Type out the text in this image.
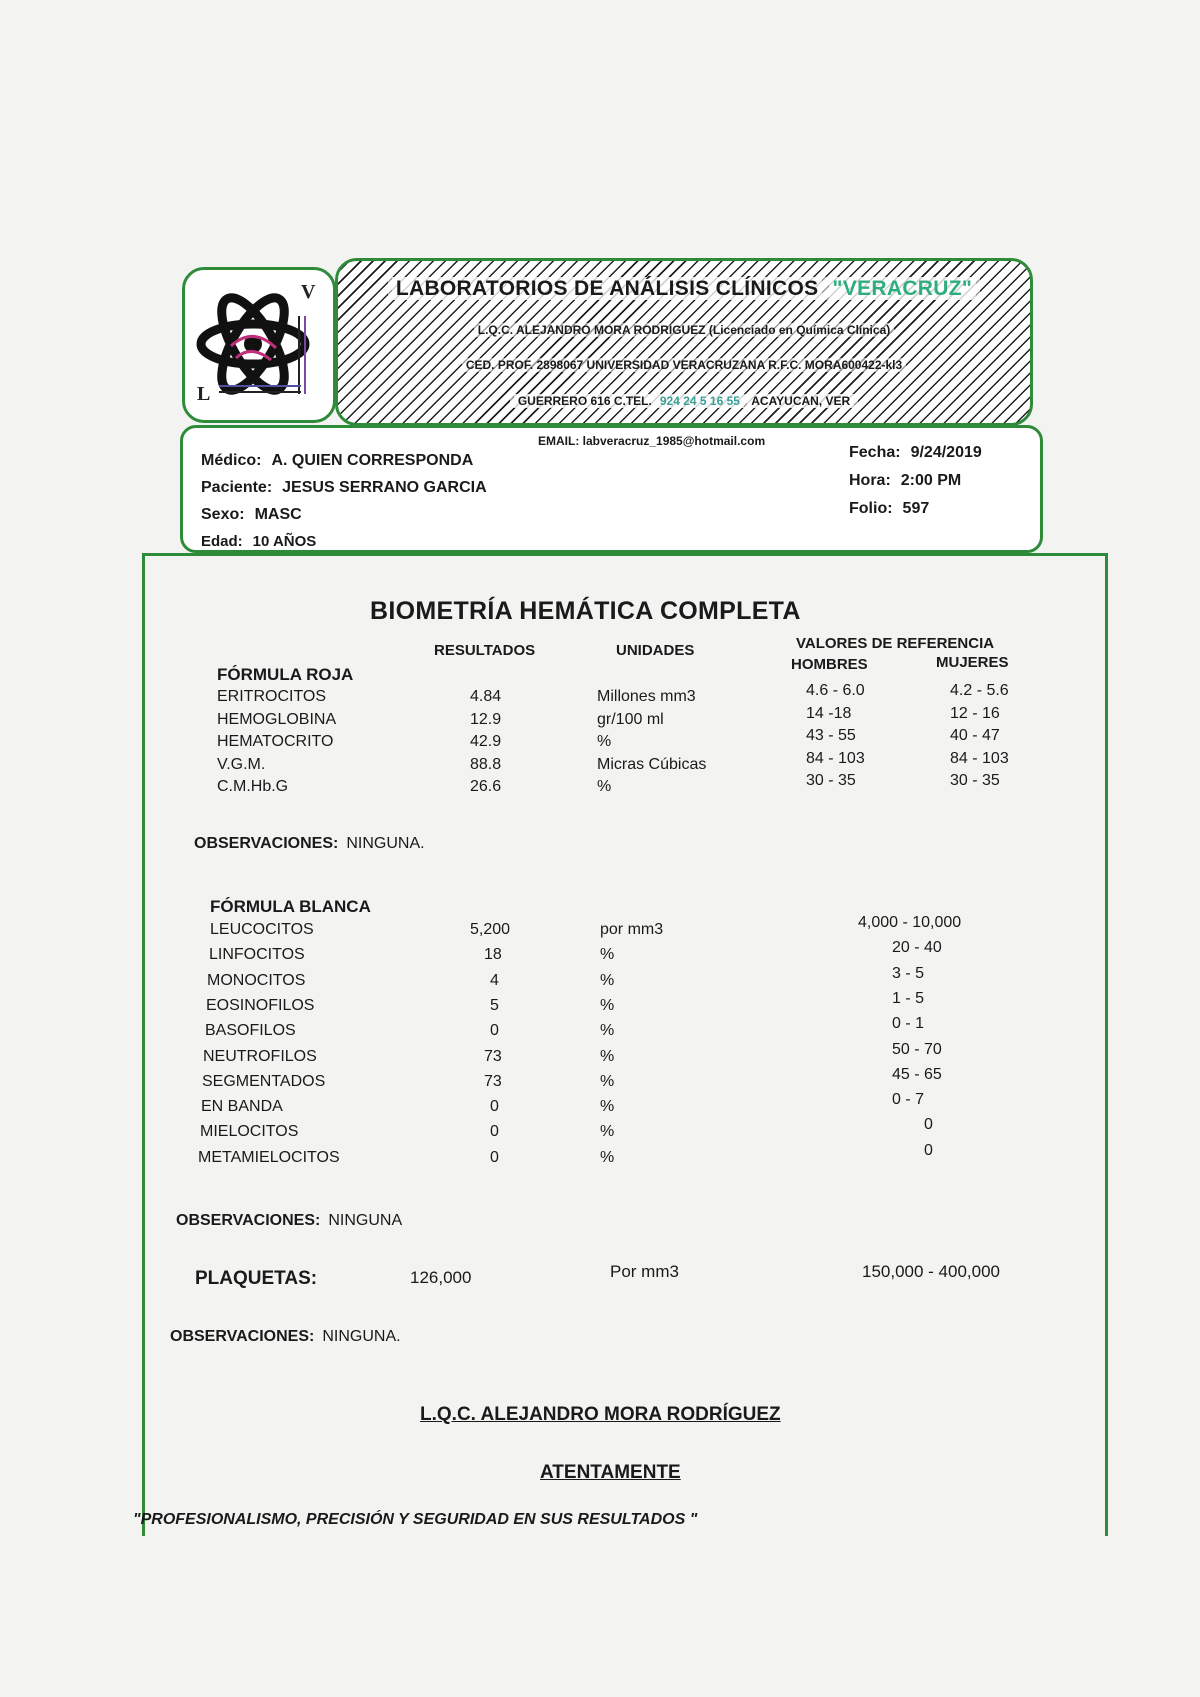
V
L
LABORATORIOS DE ANÁLISIS CLÍNICOS "VERACRUZ"
L.Q.C. ALEJANDRO MORA RODRÍGUEZ (Licenciado en Química Clínica)
CED. PROF. 2898067 UNIVERSIDAD VERACRUZANA R.F.C. MORA600422-kl3
GUERRERO 616 C.TEL. 924 24 5 16 55 ACAYUCAN, VER
EMAIL: labveracruz_1985@hotmail.com
Médico: A. QUIEN CORRESPONDA
Paciente: JESUS SERRANO GARCIA
Sexo: MASC
Edad: 10 AÑOS
Fecha: 9/24/2019
Hora: 2:00 PM
Folio: 597
BIOMETRÍA HEMÁTICA COMPLETA
RESULTADOS	UNIDADES	VALORES DE REFERENCIA
HOMBRES	MUJERES
FÓRMULA ROJA
ERITROCITOS	4.84	Millones mm3	4.6 - 6.0	4.2 - 5.6
HEMOGLOBINA	12.9	gr/100 ml	14 -18	12 - 16
HEMATOCRITO	42.9	%	43 - 55	40 - 47
V.G.M.	88.8	Micras Cúbicas	84 - 103	84 - 103
C.M.Hb.G	26.6	%	30 - 35	30 - 35
OBSERVACIONES: NINGUNA.
FÓRMULA BLANCA
LEUCOCITOS	5,200	por mm3	4,000 - 10,000
LINFOCITOS	18	%	20 - 40
MONOCITOS	4	%	3 - 5
EOSINOFILOS	5	%	1 - 5
BASOFILOS	0	%	0 - 1
NEUTROFILOS	73	%	50 - 70
SEGMENTADOS	73	%	45 - 65
EN BANDA	0	%	0 - 7
MIELOCITOS	0	%	0
METAMIELOCITOS	0	%	0
OBSERVACIONES: NINGUNA
PLAQUETAS:	126,000	Por mm3	150,000 - 400,000
OBSERVACIONES: NINGUNA.
L.Q.C. ALEJANDRO MORA RODRÍGUEZ
ATENTAMENTE
"PROFESIONALISMO, PRECISIÓN Y SEGURIDAD EN SUS RESULTADOS "
